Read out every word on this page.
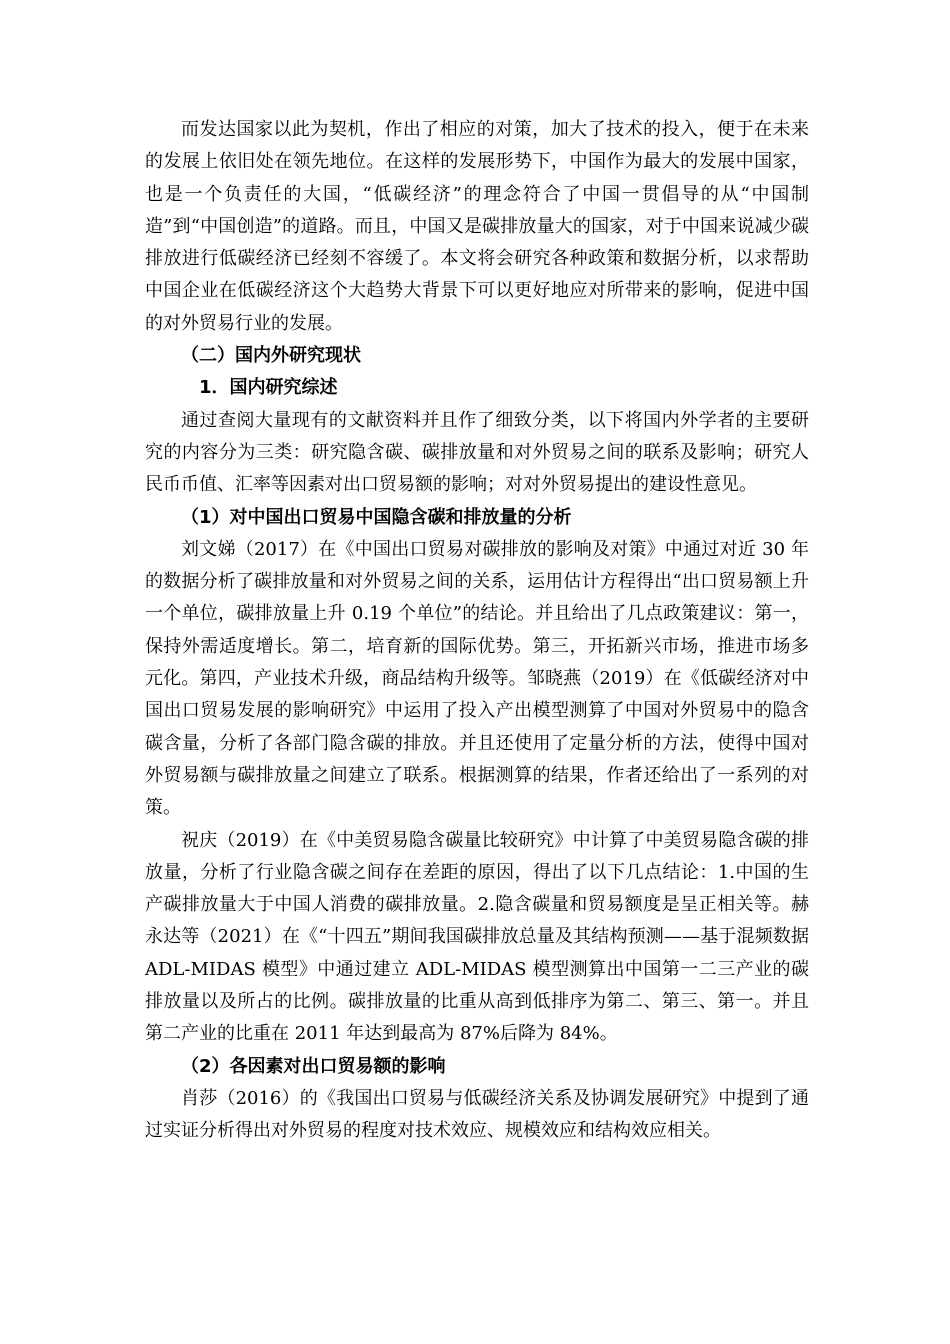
而发达国家以此为契机，作出了相应的对策，加大了技术的投入，便于在未来的发展上依旧处在领先地位。在这样的发展形势下，中国作为最大的发展中国家，也是一个负责任的大国，“低碳经济”的理念符合了中国一贯倡导的从“中国制造”到“中国创造”的道路。而且，中国又是碳排放量大的国家，对于中国来说减少碳排放进行低碳经济已经刻不容缓了。本文将会研究各种政策和数据分析，以求帮助中国企业在低碳经济这个大趋势大背景下可以更好地应对所带来的影响，促进中国的对外贸易行业的发展。

（二）国内外研究现状

1．国内研究综述

通过查阅大量现有的文献资料并且作了细致分类，以下将国内外学者的主要研究的内容分为三类：研究隐含碳、碳排放量和对外贸易之间的联系及影响；研究人民币币值、汇率等因素对出口贸易额的影响；对对外贸易提出的建设性意见。

（1）对中国出口贸易中国隐含碳和排放量的分析

刘文娣（2017）在《中国出口贸易对碳排放的影响及对策》中通过对近 30 年的数据分析了碳排放量和对外贸易之间的关系，运用估计方程得出“出口贸易额上升一个单位，碳排放量上升 0.19 个单位”的结论。并且给出了几点政策建议：第一，保持外需适度增长。第二，培育新的国际优势。第三，开拓新兴市场，推进市场多元化。第四，产业技术升级，商品结构升级等。邹晓燕（2019）在《低碳经济对中国出口贸易发展的影响研究》中运用了投入产出模型测算了中国对外贸易中的隐含碳含量，分析了各部门隐含碳的排放。并且还使用了定量分析的方法，使得中国对外贸易额与碳排放量之间建立了联系。根据测算的结果，作者还给出了一系列的对策。

祝庆（2019）在《中美贸易隐含碳量比较研究》中计算了中美贸易隐含碳的排放量，分析了行业隐含碳之间存在差距的原因，得出了以下几点结论：1.中国的生产碳排放量大于中国人消费的碳排放量。2.隐含碳量和贸易额度是呈正相关等。赫永达等（2021）在《“十四五”期间我国碳排放总量及其结构预测——基于混频数据 ADL-MIDAS 模型》中通过建立 ADL-MIDAS 模型测算出中国第一二三产业的碳排放量以及所占的比例。碳排放量的比重从高到低排序为第二、第三、第一。并且第二产业的比重在 2011 年达到最高为 87%后降为 84%。

（2）各因素对出口贸易额的影响

肖莎（2016）的《我国出口贸易与低碳经济关系及协调发展研究》中提到了通过实证分析得出对外贸易的程度对技术效应、规模效应和结构效应相关。
